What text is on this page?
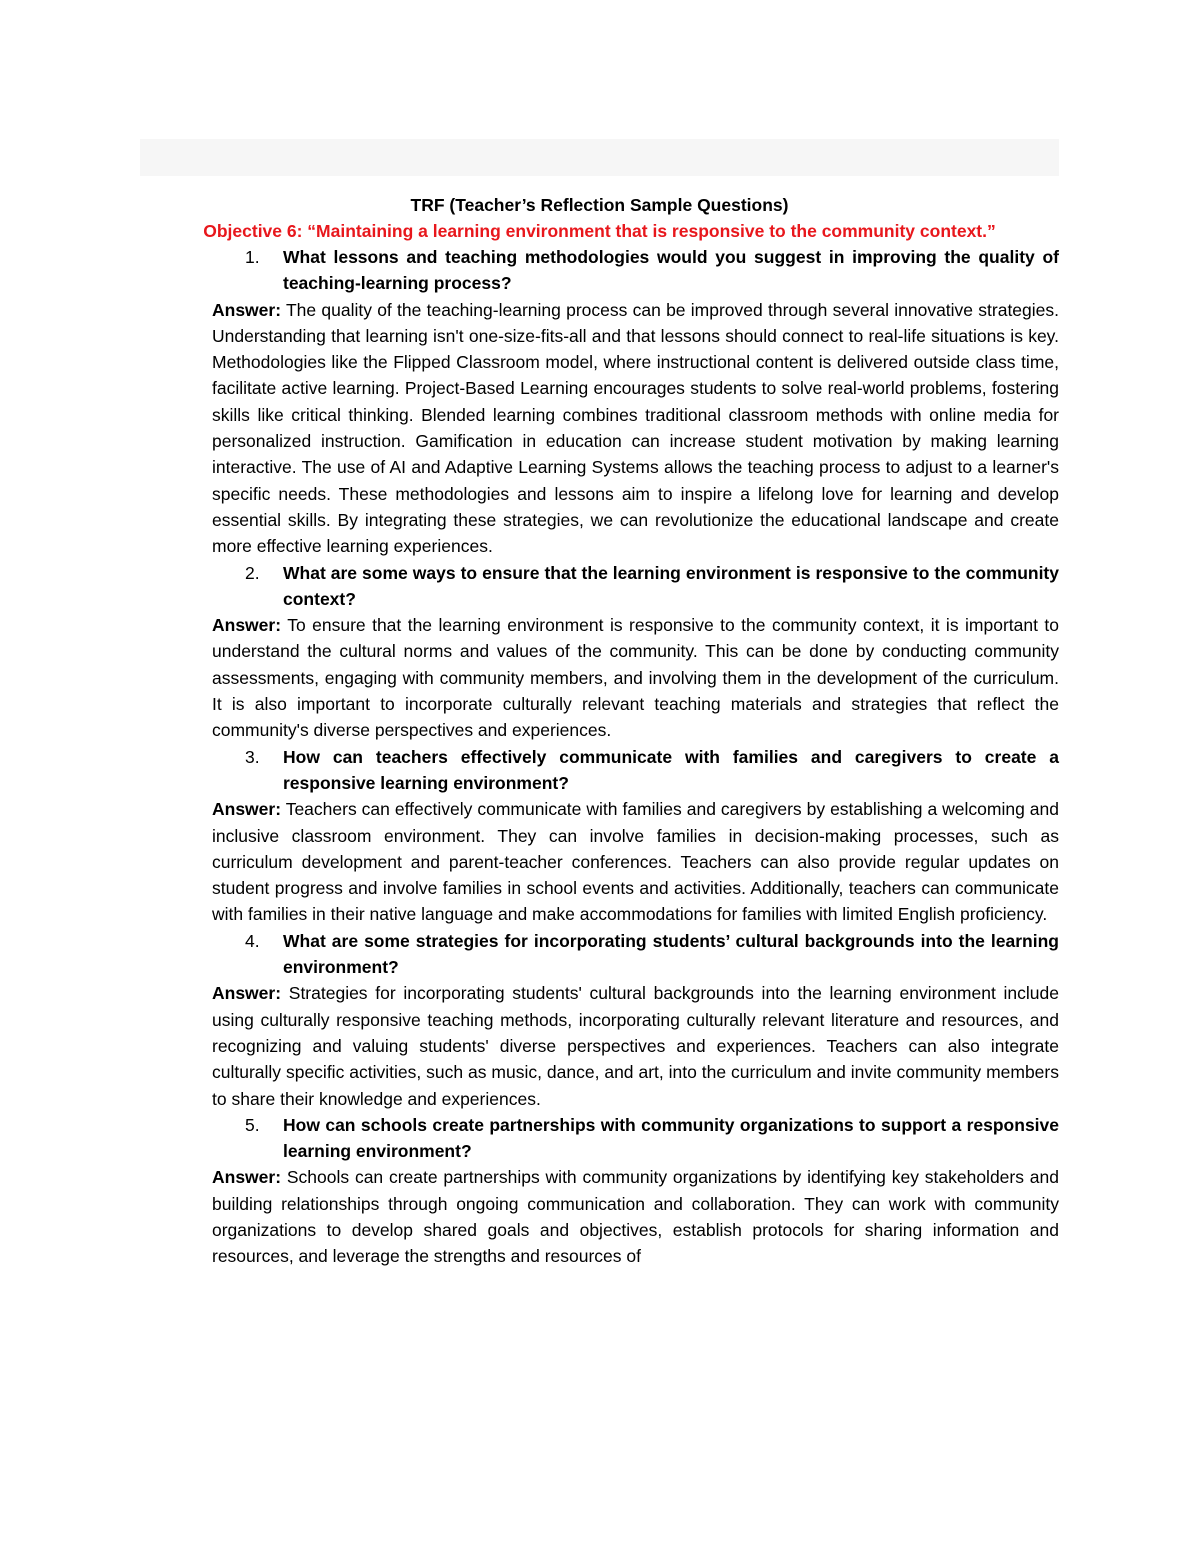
TRF (Teacher’s Reflection Sample Questions)

Objective 6: “Maintaining a learning environment that is responsive to the community context.”

1. What lessons and teaching methodologies would you suggest in improving the quality of teaching-learning process?

Answer: The quality of the teaching-learning process can be improved through several innovative strategies. Understanding that learning isn't one-size-fits-all and that lessons should connect to real-life situations is key. Methodologies like the Flipped Classroom model, where instructional content is delivered outside class time, facilitate active learning. Project-Based Learning encourages students to solve real-world problems, fostering skills like critical thinking. Blended learning combines traditional classroom methods with online media for personalized instruction. Gamification in education can increase student motivation by making learning interactive. The use of AI and Adaptive Learning Systems allows the teaching process to adjust to a learner's specific needs. These methodologies and lessons aim to inspire a lifelong love for learning and develop essential skills. By integrating these strategies, we can revolutionize the educational landscape and create more effective learning experiences.

2. What are some ways to ensure that the learning environment is responsive to the community context?

Answer: To ensure that the learning environment is responsive to the community context, it is important to understand the cultural norms and values of the community. This can be done by conducting community assessments, engaging with community members, and involving them in the development of the curriculum. It is also important to incorporate culturally relevant teaching materials and strategies that reflect the community's diverse perspectives and experiences.

3. How can teachers effectively communicate with families and caregivers to create a responsive learning environment?

Answer: Teachers can effectively communicate with families and caregivers by establishing a welcoming and inclusive classroom environment. They can involve families in decision-making processes, such as curriculum development and parent-teacher conferences. Teachers can also provide regular updates on student progress and involve families in school events and activities. Additionally, teachers can communicate with families in their native language and make accommodations for families with limited English proficiency.

4. What are some strategies for incorporating students’ cultural backgrounds into the learning environment?

Answer: Strategies for incorporating students' cultural backgrounds into the learning environment include using culturally responsive teaching methods, incorporating culturally relevant literature and resources, and recognizing and valuing students' diverse perspectives and experiences. Teachers can also integrate culturally specific activities, such as music, dance, and art, into the curriculum and invite community members to share their knowledge and experiences.

5. How can schools create partnerships with community organizations to support a responsive learning environment?

Answer: Schools can create partnerships with community organizations by identifying key stakeholders and building relationships through ongoing communication and collaboration. They can work with community organizations to develop shared goals and objectives, establish protocols for sharing information and resources, and leverage the strengths and resources of
